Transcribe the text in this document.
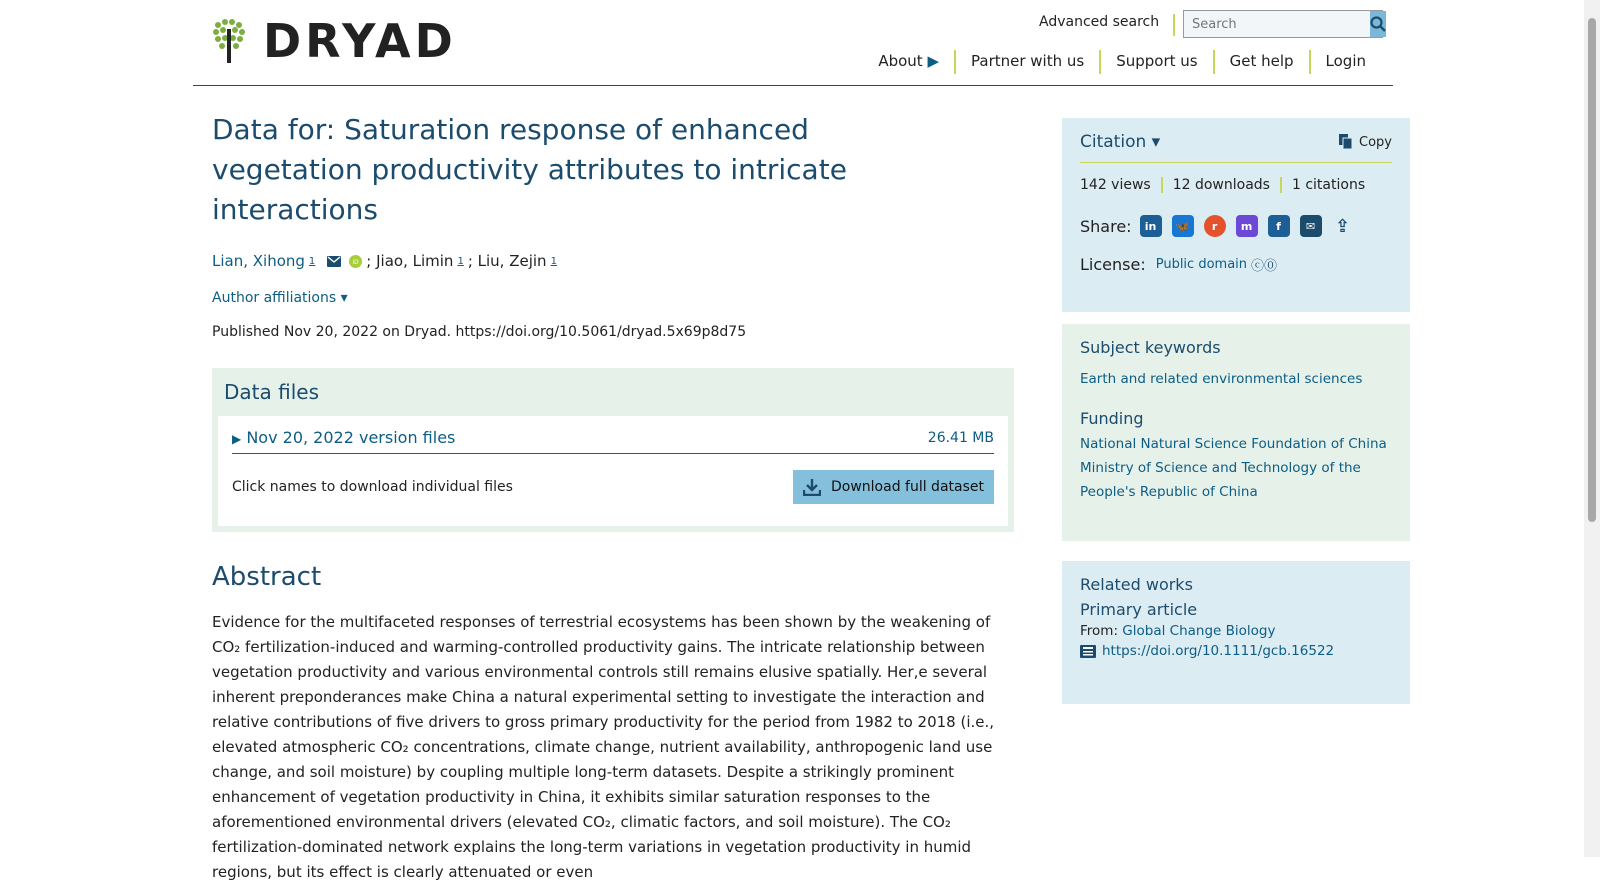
DRYAD	Advanced search
Search
About ▶	Partner with us	Support us	Get help	Login
Data for: Saturation response of enhanced vegetation productivity attributes to intricate interactions
Lian, Xihong 1	iD ; Jiao, Limin 1 ; Liu, Zejin 1
Author affiliations ▾
Published Nov 20, 2022 on Dryad. https://doi.org/10.5061/dryad.5x69p8d75
Data files
▶ Nov 20, 2022 version files	26.41 MB
Click names to download individual files	Download full dataset
Abstract
Evidence for the multifaceted responses of terrestrial ecosystems has been shown by the weakening of CO₂ fertilization-induced and warming-controlled productivity gains. The intricate relationship between vegetation productivity and various environmental controls still remains elusive spatially. Her,e several inherent preponderances make China a natural experimental setting to investigate the interaction and relative contributions of five drivers to gross primary productivity for the period from 1982 to 2018 (i.e., elevated atmospheric CO₂ concentrations, climate change, nutrient availability, anthropogenic land use change, and soil moisture) by coupling multiple long-term datasets. Despite a strikingly prominent enhancement of vegetation productivity in China, it exhibits similar saturation responses to the aforementioned environmental drivers (elevated CO₂, climatic factors, and soil moisture). The CO₂ fertilization-dominated network explains the long-term variations in vegetation productivity in humid regions, but its effect is clearly attenuated or even
Citation ▾	Copy
142 views	12 downloads	1 citations
Share:	in	🦋	r	m	f	✉	⇪
License: Public domain ⓒ⓪
Subject keywords
Earth and related environmental sciences
Funding
National Natural Science Foundation of China
Ministry of Science and Technology of the People's Republic of China
Related works
Primary article
From: Global Change Biology
https://doi.org/10.1111/gcb.16522
